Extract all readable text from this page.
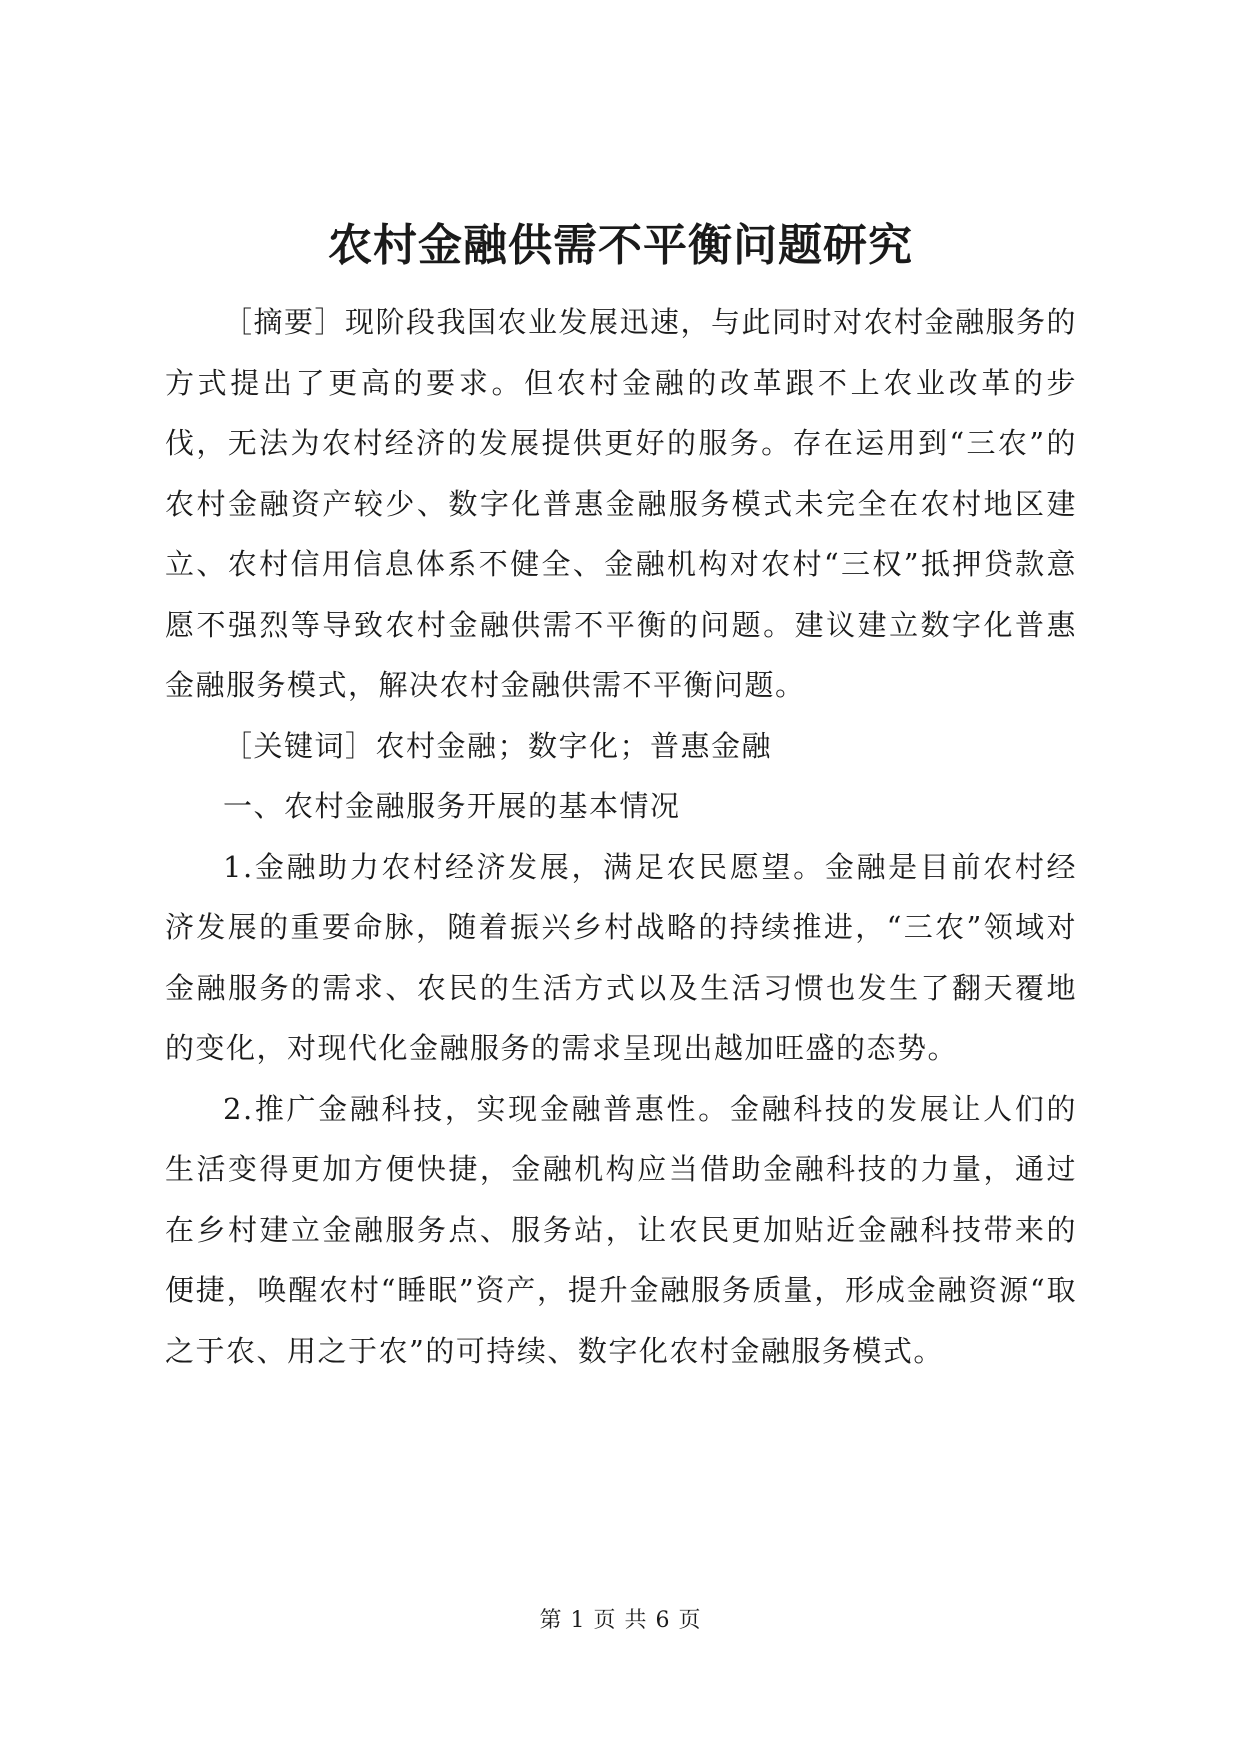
农村金融供需不平衡问题研究

［摘要］现阶段我国农业发展迅速，与此同时对农村金融服务的方式提出了更高的要求。但农村金融的改革跟不上农业改革的步伐，无法为农村经济的发展提供更好的服务。存在运用到“三农”的农村金融资产较少、数字化普惠金融服务模式未完全在农村地区建立、农村信用信息体系不健全、金融机构对农村“三权”抵押贷款意愿不强烈等导致农村金融供需不平衡的问题。建议建立数字化普惠金融服务模式，解决农村金融供需不平衡问题。

［关键词］农村金融；数字化；普惠金融

一、农村金融服务开展的基本情况

1.金融助力农村经济发展，满足农民愿望。金融是目前农村经济发展的重要命脉，随着振兴乡村战略的持续推进，“三农”领域对金融服务的需求、农民的生活方式以及生活习惯也发生了翻天覆地的变化，对现代化金融服务的需求呈现出越加旺盛的态势。

2.推广金融科技，实现金融普惠性。金融科技的发展让人们的生活变得更加方便快捷，金融机构应当借助金融科技的力量，通过在乡村建立金融服务点、服务站，让农民更加贴近金融科技带来的便捷，唤醒农村“睡眠”资产，提升金融服务质量，形成金融资源“取之于农、用之于农”的可持续、数字化农村金融服务模式。

第 1 页 共 6 页
